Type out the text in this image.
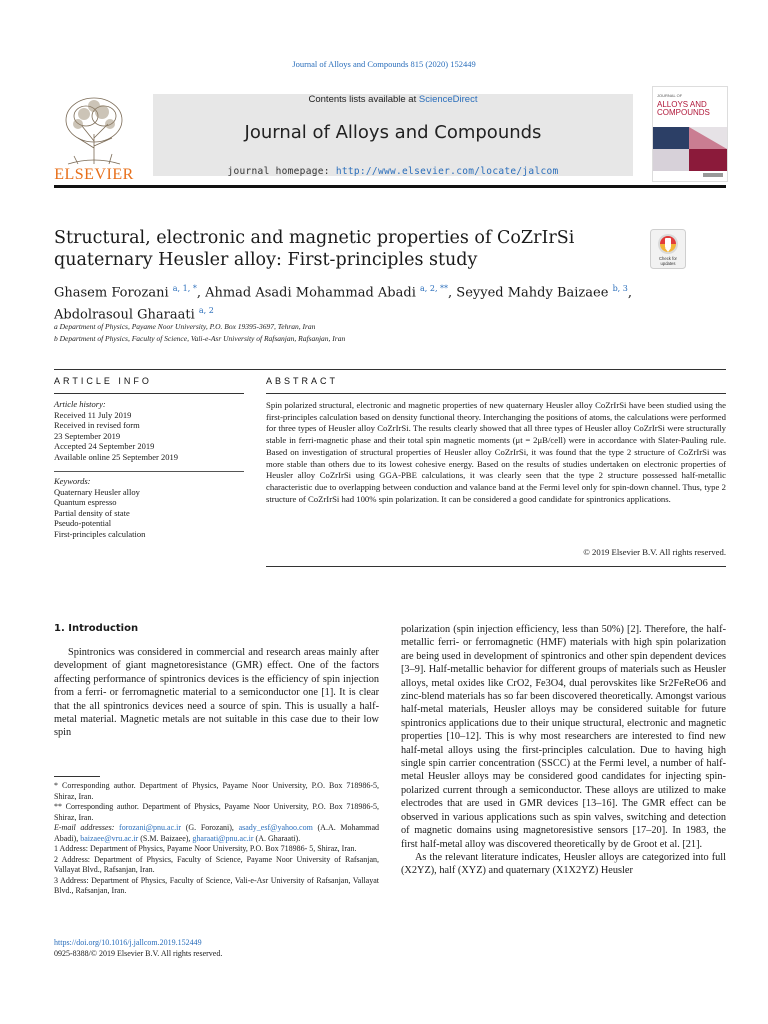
Journal of Alloys and Compounds 815 (2020) 152449
ELSEVIER
Contents lists available at ScienceDirect
Journal of Alloys and Compounds
journal homepage: http://www.elsevier.com/locate/jalcom
JOURNAL OF
ALLOYS AND
COMPOUNDS
Structural, electronic and magnetic properties of CoZrIrSi quaternary Heusler alloy: First-principles study	Check for
updates
Ghasem Forozani $^{a, 1, *}$, Ahmad Asadi Mohammad Abadi $^{a, 2, **}$, Seyyed Mahdy Baizaee $^{b, 3}$,
Abdolrasoul Gharaati $^{a, 2}$
a Department of Physics, Payame Noor University, P.O. Box 19395-3697, Tehran, Iran
b Department of Physics, Faculty of Science, Vali-e-Asr University of Rafsanjan, Rafsanjan, Iran
ARTICLE INFO	ABSTRACT
Article history:
Received 11 July 2019
Received in revised form
23 September 2019
Accepted 24 September 2019
Available online 25 September 2019
Keywords:
Quaternary Heusler alloy
Quantum espresso
Partial density of state
Pseudo-potential
First-principles calculation
Spin polarized structural, electronic and magnetic properties of new quaternary Heusler alloy CoZrIrSi have been studied using the first-principles calculation based on density functional theory. Interchanging the positions of atoms, the calculations were performed for three types of Heusler alloy CoZrIrSi. The results clearly showed that all three types of Heusler alloy CoZrIrSi were structurally stable in ferri-magnetic phase and their total spin magnetic moments (μt = 2μB/cell) were in accordance with Slater-Pauling rule. Based on investigation of structural properties of Heusler alloy CoZrIrSi, it was found that the type 2 structure of CoZrIrSi was more stable than others due to its lowest cohesive energy. Based on the results of studies undertaken on electronic properties of Heusler alloy CoZrIrSi using GGA-PBE calculations, it was clearly seen that the type 2 structure possessed half-metallic characteristic due to overlapping between conduction and valance band at the Fermi level only for spin-down channel. Thus, type 2 structure of CoZrIrSi had 100% spin polarization. It can be considered a good candidate for spintronics applications.
© 2019 Elsevier B.V. All rights reserved.
1. Introduction

Spintronics was considered in commercial and research areas mainly after development of giant magnetoresistance (GMR) effect. One of the factors affecting performance of spintronics devices is the efficiency of spin injection from a ferri- or ferromagnetic material to a semiconductor one [1]. It is clear that the all spintronics devices need a source of spin. This is usually a half-metal material. Magnetic metals are not suitable in this case due to their low spin

polarization (spin injection efficiency, less than 50%) [2]. Therefore, the half-metallic ferri- or ferromagnetic (HMF) materials with high spin polarization are being used in development of spintronics and other spin dependent devices [3–9]. Half-metallic behavior for different groups of materials such as Heusler alloys, metal oxides like CrO2, Fe3O4, dual perovskites like Sr2FeReO6 and zinc-blend materials has so far been discovered theoretically. Amongst various half-metal materials, Heusler alloys may be considered suitable for future spintronics applications due to their unique structural, electronic and magnetic properties [10–12]. This is why most researchers are interested to find new half-metal alloys using the first-principles calculation. Due to having high single spin carrier concentration (SSCC) at the Fermi level, a number of half-metal Heusler alloys may be considered good candidates for injecting spin-polarized current through a semiconductor. These alloys are utilized to make electrodes that are used in GMR devices [13–16]. The GMR effect can be observed in various applications such as spin valves, switching and detection of magnetic domains using magnetoresistive sensors [17–20]. In 1983, the first half-metal alloy was discovered theoretically by de Groot et al. [21].

As the relevant literature indicates, Heusler alloys are categorized into full (X2YZ), half (XYZ) and quaternary (X1X2YZ) Heusler

* Corresponding author. Department of Physics, Payame Noor University, P.O. Box 718986-5, Shiraz, Iran.

** Corresponding author. Department of Physics, Payame Noor University, P.O. Box 718986-5, Shiraz, Iran.

E-mail addresses: forozani@pnu.ac.ir (G. Forozani), asady_esf@yahoo.com (A.A. Mohammad Abadi), baizaee@vru.ac.ir (S.M. Baizaee), gharaati@pnu.ac.ir (A. Gharaati).

1 Address: Department of Physics, Payame Noor University, P.O. Box 718986- 5, Shiraz, Iran.

2 Address: Department of Physics, Faculty of Science, Payame Noor University of Rafsanjan, Vallayat Blvd., Rafsanjan, Iran.

3 Address: Department of Physics, Faculty of Science, Vali-e-Asr University of Rafsanjan, Vallayat Blvd., Rafsanjan, Iran.

https://doi.org/10.1016/j.jallcom.2019.152449
0925-8388/© 2019 Elsevier B.V. All rights reserved.
